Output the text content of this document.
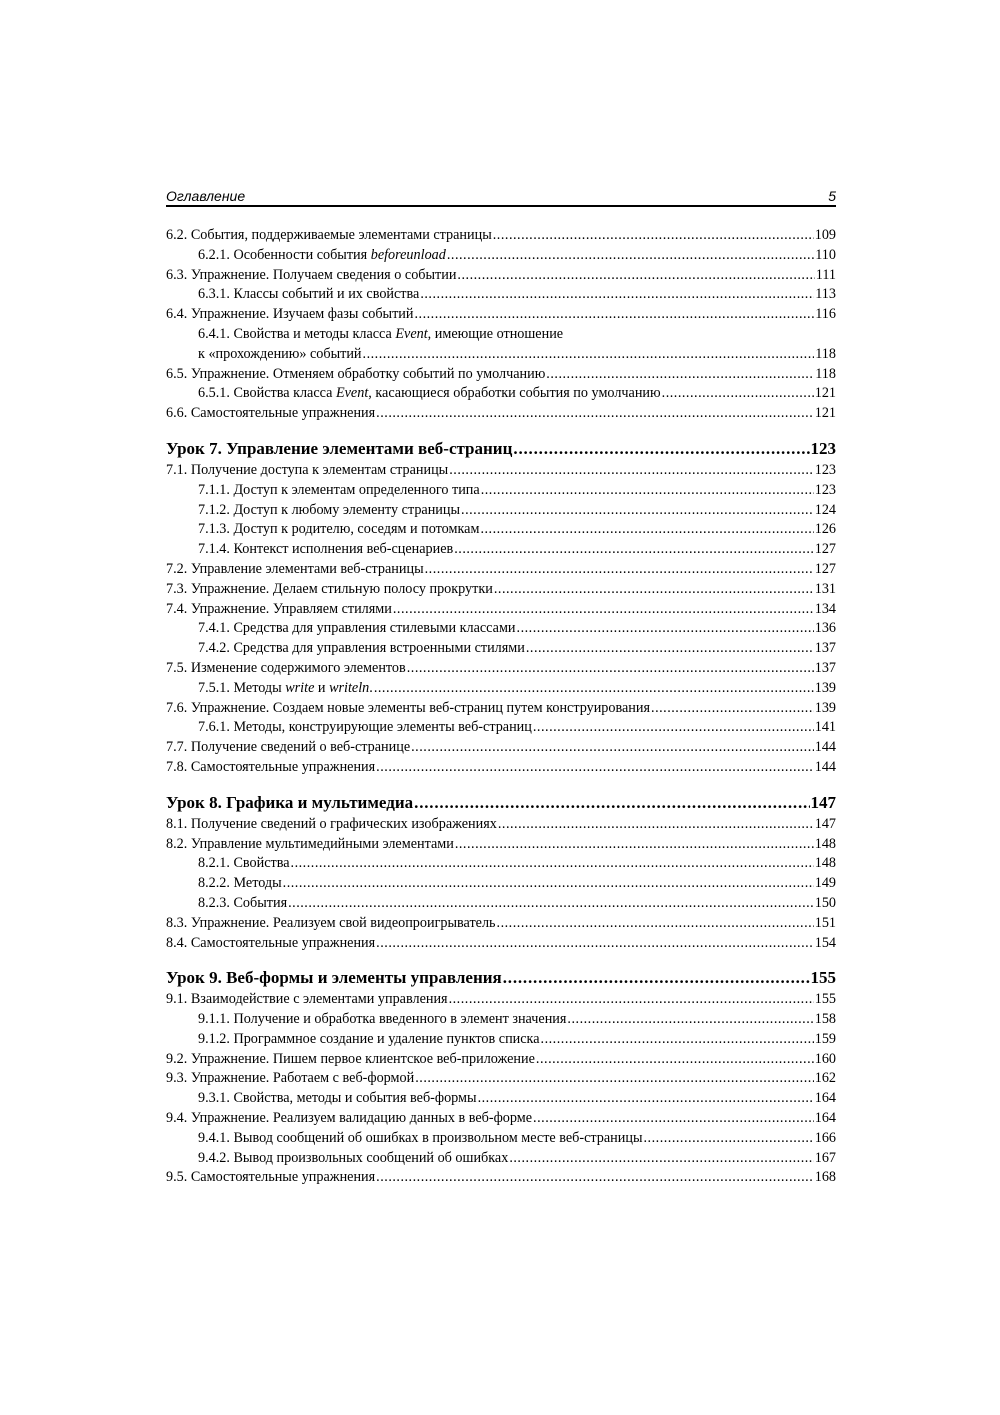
Оглавление	5
6.2. События, поддерживаемые элементами страницы .....	109
6.2.1. Особенности события beforeunload .....	110
6.3. Упражнение. Получаем сведения о событии .....	111
6.3.1. Классы событий и их свойства .....	113
6.4. Упражнение. Изучаем фазы событий .....	116
6.4.1. Свойства и методы класса Event, имеющие отношение
к «прохождению» событий .....	118
6.5. Упражнение. Отменяем обработку событий по умолчанию .....	118
6.5.1. Свойства класса Event, касающиеся обработки события по умолчанию .....	121
6.6. Самостоятельные упражнения .....	121
Урок 7. Управление элементами веб-страниц .....	123
7.1. Получение доступа к элементам страницы .....	123
7.1.1. Доступ к элементам определенного типа .....	123
7.1.2. Доступ к любому элементу страницы .....	124
7.1.3. Доступ к родителю, соседям и потомкам .....	126
7.1.4. Контекст исполнения веб-сценариев .....	127
7.2. Управление элементами веб-страницы .....	127
7.3. Упражнение. Делаем стильную полосу прокрутки .....	131
7.4. Упражнение. Управляем стилями .....	134
7.4.1. Средства для управления стилевыми классами .....	136
7.4.2. Средства для управления встроенными стилями .....	137
7.5. Изменение содержимого элементов .....	137
7.5.1. Методы write и writeln. .....	139
7.6. Упражнение. Создаем новые элементы веб-страниц путем конструирования .....	139
7.6.1. Методы, конструирующие элементы веб-страниц .....	141
7.7. Получение сведений о веб-странице .....	144
7.8. Самостоятельные упражнения .....	144
Урок 8. Графика и мультимедиа .....	147
8.1. Получение сведений о графических изображениях .....	147
8.2. Управление мультимедийными элементами .....	148
8.2.1. Свойства .....	148
8.2.2. Методы .....	149
8.2.3. События .....	150
8.3. Упражнение. Реализуем свой видеопроигрыватель .....	151
8.4. Самостоятельные упражнения .....	154
Урок 9. Веб-формы и элементы управления .....	155
9.1. Взаимодействие с элементами управления .....	155
9.1.1. Получение и обработка введенного в элемент значения .....	158
9.1.2. Программное создание и удаление пунктов списка .....	159
9.2. Упражнение. Пишем первое клиентское веб-приложение .....	160
9.3. Упражнение. Работаем с веб-формой .....	162
9.3.1. Свойства, методы и события веб-формы .....	164
9.4. Упражнение. Реализуем валидацию данных в веб-форме .....	164
9.4.1. Вывод сообщений об ошибках в произвольном месте веб-страницы .....	166
9.4.2. Вывод произвольных сообщений об ошибках .....	167
9.5. Самостоятельные упражнения .....	168
